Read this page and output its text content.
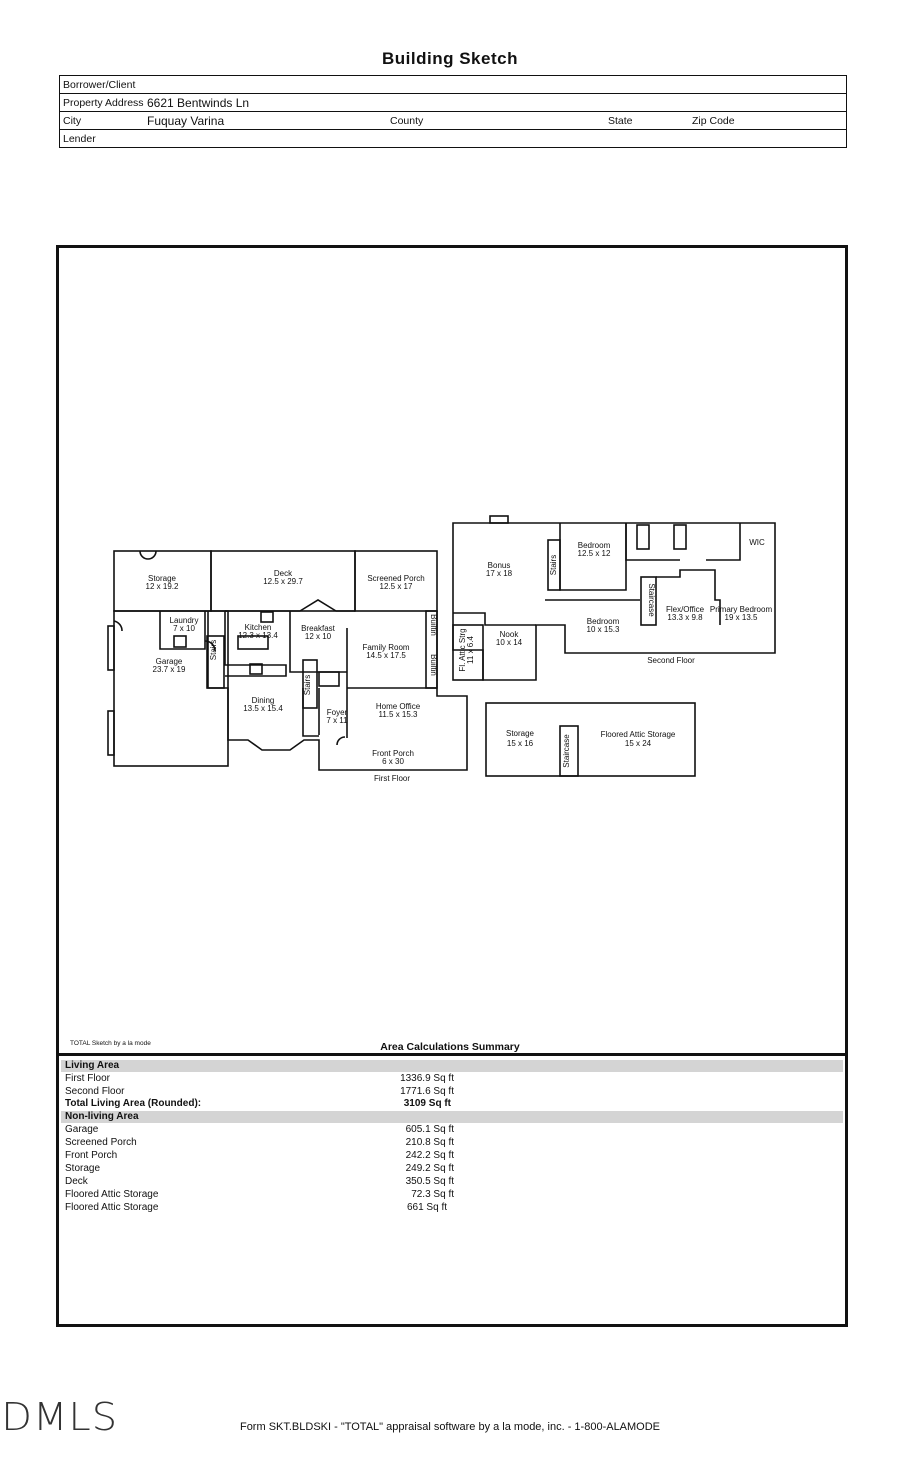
Building Sketch
Borrower/Client
Property Address 6621 Bentwinds Ln
City	Fuquay Varina	County	State	Zip Code
Lender
Storage
12 x 19.2
Deck
12.5 x 29.7	Screened Porch
12.5 x 17
Laundry
7 x 10	Kitchen
12.3 x 13.4
Breakfast
12 x 10
Family Room
14.5 x 17.5
Garage
23.7 x 19
Dining
13.5 x 15.4	Foyer
7 x 11
Home Office
11.5 x 15.3
Front Porch
6 x 30
First Floor
Stairs
Stairs
Builtin
Builtin
Bonus
17 x 18
Bedroom
12.5 x 12
WIC
Nook
10 x 14
Bedroom
10 x 15.3
Flex/Office
13.3 x 9.8
Primary Bedroom
19 x 13.5
Fl. Attic Strg 11 x 6.4	Second Floor
Stairs
Staircase
Storage
15 x 16
Floored Attic Storage
15 x 24
Staircase
TOTAL Sketch by a la mode	Area Calculations Summary
Living Area
First Floor	1336.9 Sq ft
Second Floor	1771.6 Sq ft
Total Living Area (Rounded):	3109 Sq ft
Non-living Area
Garage	605.1 Sq ft
Screened Porch	210.8 Sq ft
Front Porch	242.2 Sq ft
Storage	249.2 Sq ft
Deck	350.5 Sq ft
Floored Attic Storage	72.3 Sq ft
Floored Attic Storage	661 Sq ft
DMLS	Form SKT.BLDSKI - "TOTAL" appraisal software by a la mode, inc. - 1-800-ALAMODE
